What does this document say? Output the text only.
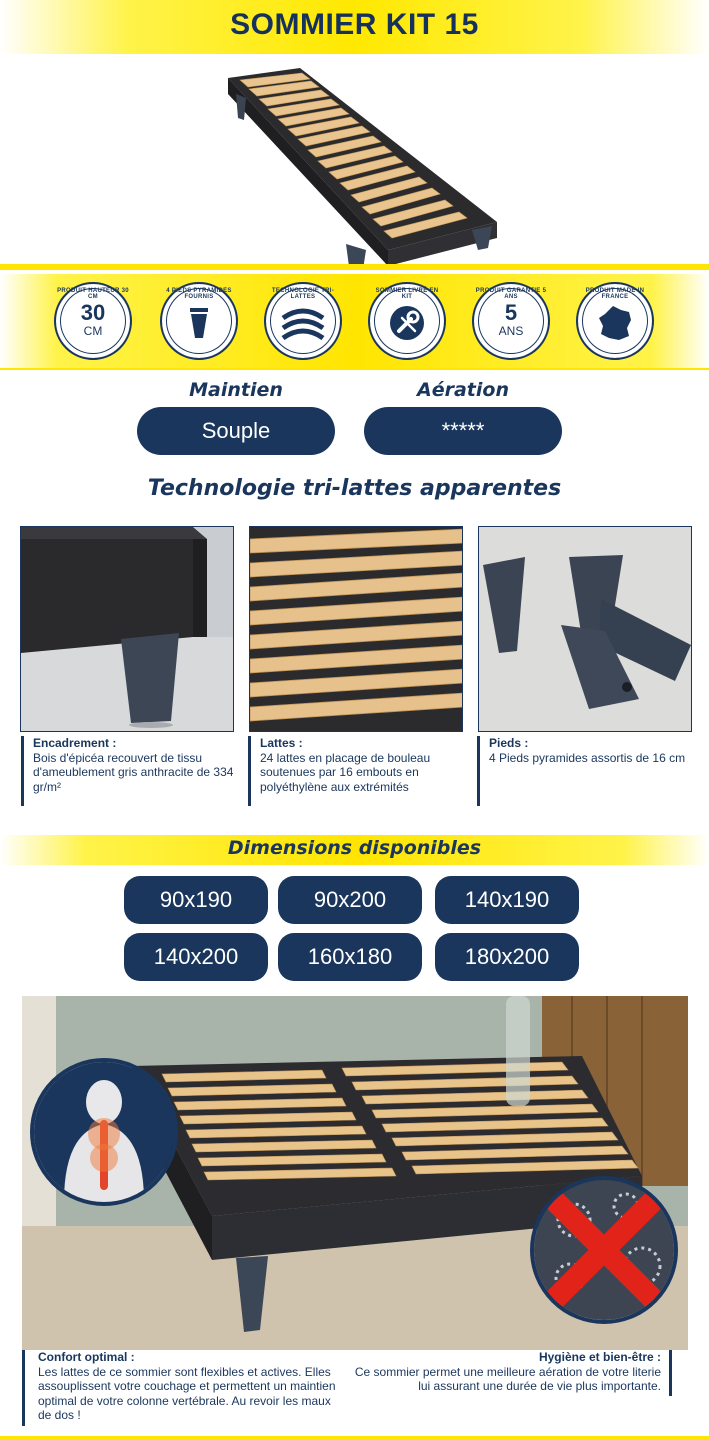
SOMMIER KIT 15
PRODUIT HAUTEUR 30 CM
30
CM
4 PIEDS PYRAMIDES FOURNIS
TECHNOLOGIE TRI-LATTES
SOMMIER LIVRÉ EN KIT
PRODUIT GARANTIE 5 ANS
5
ANS
PRODUIT MADE IN FRANCE
Maintien	Aération
Souple	*****
Technologie tri-lattes apparentes
Encadrement :
Bois d'épicéa recouvert de tissu d'ameublement gris anthracite de 334 gr/m²
Lattes :
24 lattes en placage de bouleau soutenues par 16 embouts en polyéthylène aux extrémités
Pieds :
4 Pieds pyramides assortis de 16 cm
Dimensions disponibles
90x190	90x200	140x190
140x200	160x180	180x200
Confort optimal :
Les lattes de ce sommier sont flexibles et actives. Elles assouplissent votre couchage et permettent un maintien optimal de votre colonne vertébrale. Au revoir les maux de dos !
Hygiène et bien-être :
Ce sommier permet une meilleure aération de votre literie lui assurant une durée de vie plus importante.
